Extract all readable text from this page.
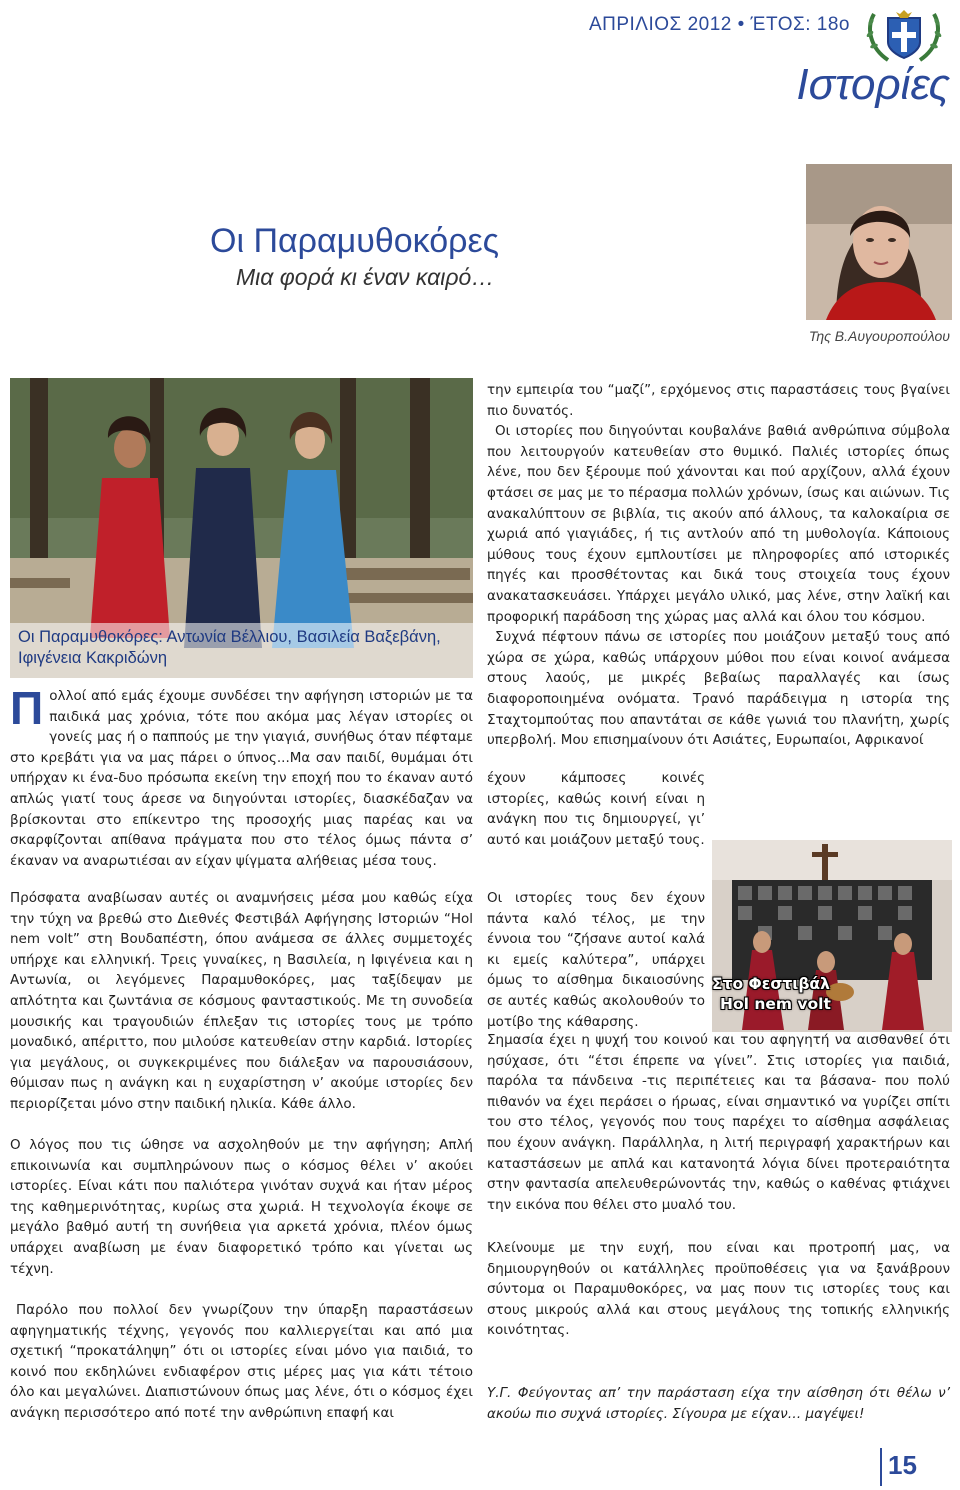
ΑΠΡΙΛΙΟΣ 2012 • ΈΤΟΣ: 18ο
Ιστορίες
Οι Παραμυθοκόρες
Μια φορά κι έναν καιρό…
Της Β.Αυγουροπούλου
Οι Παραμυθοκόρες: Αντωνία Βέλλιου, Βασιλεία Βαξεβάνη, Ιφιγένεια Κακριδώνη
Π ολλοί από εμάς έχουμε συνδέσει την αφήγηση ιστοριών με τα παιδικά μας χρόνια, τότε που ακόμα μας λέγαν ιστορίες οι γονείς μας ή ο παππούς με την γιαγιά, συνήθως όταν πέφταμε στο κρεβάτι για να μας πάρει ο ύπνος...Μα σαν παιδί, θυμάμαι ότι υπήρχαν κι ένα-δυο πρόσωπα εκείνη την εποχή που το έκαναν αυτό απλώς γιατί τους άρεσε να διηγούνται ιστορίες, διασκέδαζαν να βρίσκονται στο επίκεντρο της προσοχής μιας παρέας και να σκαρφίζονται απίθανα πράγματα που στο τέλος όμως πάντα σ’ έκαναν να αναρωτιέσαι αν είχαν ψίγματα αλήθειας μέσα τους.

Πρόσφατα αναβίωσαν αυτές οι αναμνήσεις μέσα μου καθώς είχα την τύχη να βρεθώ στο Διεθνές Φεστιβάλ Αφήγησης Ιστοριών “Hol nem volt” στη Βουδαπέστη, όπου ανάμεσα σε άλλες συμμετοχές υπήρχε και ελληνική. Τρεις γυναίκες, η Βασιλεία, η Ιφιγένεια και η Αντωνία, οι λεγόμενες Παραμυθοκόρες, μας ταξίδεψαν με απλότητα και ζωντάνια σε κόσμους φανταστικούς. Με τη συνοδεία μουσικής και τραγουδιών έπλεξαν τις ιστορίες τους με τρόπο μοναδικό, απέριττο, που μιλούσε κατευθείαν στην καρδιά. Ιστορίες για μεγάλους, οι συγκεκριμένες που διάλεξαν να παρουσιάσουν, θύμισαν πως η ανάγκη και η ευχαρίστηση ν’ ακούμε ιστορίες δεν περιορίζεται μόνο στην παιδική ηλικία. Κάθε άλλο.

Ο λόγος που τις ώθησε να ασχοληθούν με την αφήγηση; Απλή επικοινωνία και συμπληρώνουν πως ο κόσμος θέλει ν’ ακούει ιστορίες. Είναι κάτι που παλιότερα γινόταν συχνά και ήταν μέρος της καθημερινότητας, κυρίως στα χωριά. Η τεχνολογία έκοψε σε μεγάλο βαθμό αυτή τη συνήθεια για αρκετά χρόνια, πλέον όμως υπάρχει αναβίωση με έναν διαφορετικό τρόπο και γίνεται ως τέχνη.

Παρόλο που πολλοί δεν γνωρίζουν την ύπαρξη παραστάσεων αφηγηματικής τέχνης, γεγονός που καλλιεργείται και από μια σχετική “προκατάληψη” ότι οι ιστορίες είναι μόνο για παιδιά, το κοινό που εκδηλώνει ενδιαφέρον στις μέρες μας για κάτι τέτοιο όλο και μεγαλώνει. Διαπιστώνουν όπως μας λένε, ότι ο κόσμος έχει ανάγκη περισσότερο από ποτέ την ανθρώπινη επαφή και

την εμπειρία του “μαζί”, ερχόμενος στις παραστάσεις τους βγαίνει πιο δυνατός.

Οι ιστορίες που διηγούνται κουβαλάνε βαθιά ανθρώπινα σύμβολα που λειτουργούν κατευθείαν στο θυμικό. Παλιές ιστορίες όπως λένε, που δεν ξέρουμε πού χάνονται και πού αρχίζουν, αλλά έχουν φτάσει σε μας με το πέρασμα πολλών χρόνων, ίσως και αιώνων. Τις ανακαλύπτουν σε βιβλία, τις ακούν από άλλους, τα καλοκαίρια σε χωριά από γιαγιάδες, ή τις αντλούν από τη μυθολογία. Κάποιους μύθους τους έχουν εμπλουτίσει με πληροφορίες από ιστορικές πηγές και προσθέτοντας και δικά τους στοιχεία τους έχουν ανακατασκευάσει. Υπάρχει μεγάλο υλικό, μας λένε, στην λαϊκή και προφορική παράδοση της χώρας μας αλλά και όλου του κόσμου.

Συχνά πέφτουν πάνω σε ιστορίες που μοιάζουν μεταξύ τους από χώρα σε χώρα, καθώς υπάρχουν μύθοι που είναι κοινοί ανάμεσα στους λαούς, με μικρές βεβαίως παραλλαγές και ίσως διαφοροποιημένα ονόματα. Τρανό παράδειγμα η ιστορία της Σταχτομπούτας που απαντάται σε κάθε γωνιά του πλανήτη, χωρίς υπερβολή. Μου επισημαίνουν ότι Ασιάτες, Ευρωπαίοι, Αφρικανοί

έχουν κάμποσες κοινές ιστορίες, καθώς κοινή είναι η ανάγκη που τις δημιουργεί, γι’ αυτό και μοιάζουν μεταξύ τους.

Οι ιστορίες τους δεν έχουν πάντα καλό τέλος, με την έννοια του “ζήσανε αυτοί καλά κι εμείς καλύτερα”, υπάρχει όμως το αίσθημα δικαιοσύνης σε αυτές καθώς ακολουθούν το μοτίβο της κάθαρσης.

Στο Φεστιβάλ
Hol nem volt

Σημασία έχει η ψυχή του κοινού και του αφηγητή να αισθανθεί ότι ησύχασε, ότι “έτσι έπρεπε να γίνει”. Στις ιστορίες για παιδιά, παρόλα τα πάνδεινα -τις περιπέτειες και τα βάσανα- που πολύ πιθανόν να έχει περάσει ο ήρωας, είναι σημαντικό να γυρίζει σπίτι του στο τέλος, γεγονός που τους παρέχει το αίσθημα ασφάλειας που έχουν ανάγκη. Παράλληλα, η λιτή περιγραφή χαρακτήρων και καταστάσεων με απλά και κατανοητά λόγια δίνει προτεραιότητα στην φαντασία απελευθερώνοντάς την, καθώς ο καθένας φτιάχνει την εικόνα που θέλει στο μυαλό του.

Κλείνουμε με την ευχή, που είναι και προτροπή μας, να δημιουργηθούν οι κατάλληλες προϋποθέσεις για να ξανάβρουν σύντομα οι Παραμυθοκόρες, να μας πουν τις ιστορίες τους και στους μικρούς αλλά και στους μεγάλους της τοπικής ελληνικής κοινότητας.

Υ.Γ. Φεύγοντας απ’ την παράσταση είχα την αίσθηση ότι θέλω ν’ ακούω πιο συχνά ιστορίες. Σίγουρα με είχαν… μαγέψει!

15
